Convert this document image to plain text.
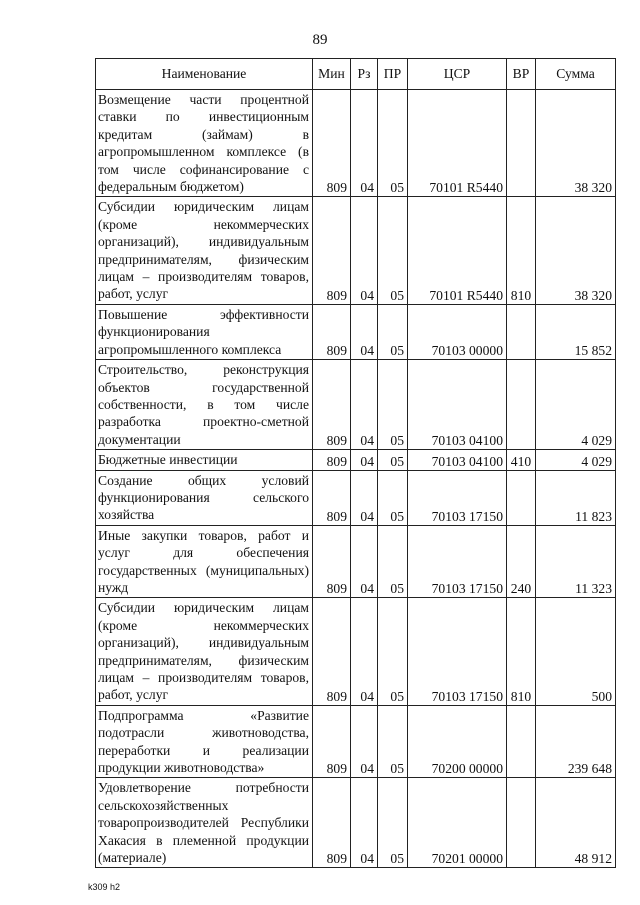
89
Наименование	Мин	Рз	ПР	ЦСР	ВР	Сумма
Возмещение части процентной ставки по инвестиционным кредитам (займам) в агропромышленном комплексе (в том числе софинансирование с федеральным бюджетом)	809	04	05	70101 R5440		38 320
Субсидии юридическим лицам (кроме некоммерческих организаций), индивидуальным предпринимателям, физическим лицам – производителям товаров, работ, услуг	809	04	05	70101 R5440	810	38 320
Повышение эффективности функционирования агропромышленного комплекса	809	04	05	70103 00000		15 852
Строительство, реконструкция объектов государственной собственности, в том числе разработка проектно-сметной документации	809	04	05	70103 04100		4 029
Бюджетные инвестиции	809	04	05	70103 04100	410	4 029
Создание общих условий функционирования сельского хозяйства	809	04	05	70103 17150		11 823
Иные закупки товаров, работ и услуг для обеспечения государственных (муниципальных) нужд	809	04	05	70103 17150	240	11 323
Субсидии юридическим лицам (кроме некоммерческих организаций), индивидуальным предпринимателям, физическим лицам – производителям товаров, работ, услуг	809	04	05	70103 17150	810	500
Подпрограмма «Развитие подотрасли животноводства, переработки и реализации продукции животноводства»	809	04	05	70200 00000		239 648
Удовлетворение потребности сельскохозяйственных товаропроизводителей Республики Хакасия в племенной продукции (материале)	809	04	05	70201 00000		48 912
k309 h2
